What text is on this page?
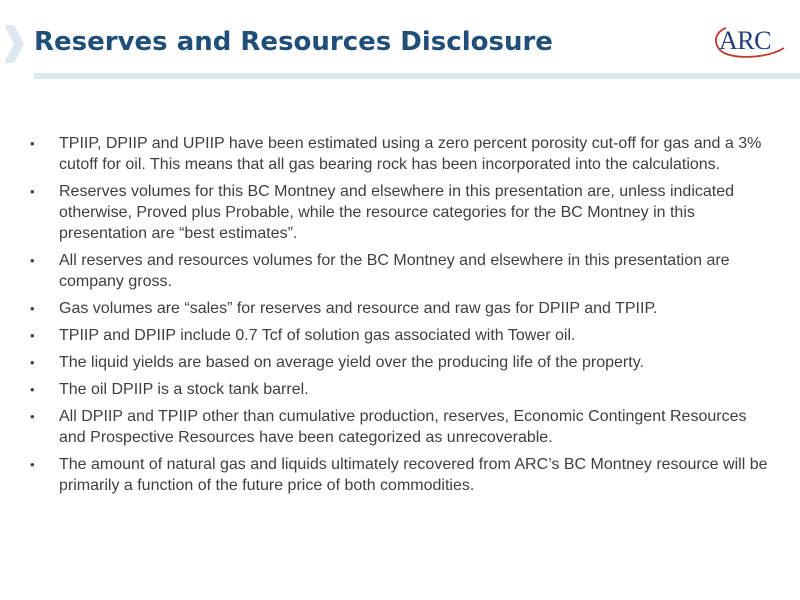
Reserves and Resources Disclosure	ARC
• TPIIP, DPIIP and UPIIP have been estimated using a zero percent porosity cut-off for gas and a 3% cutoff for oil. This means that all gas bearing rock has been incorporated into the calculations.
• Reserves volumes for this BC Montney and elsewhere in this presentation are, unless indicated otherwise, Proved plus Probable, while the resource categories for the BC Montney in this presentation are “best estimates”.
• All reserves and resources volumes for the BC Montney and elsewhere in this presentation are company gross.
• Gas volumes are “sales” for reserves and resource and raw gas for DPIIP and TPIIP.
• TPIIP and DPIIP include 0.7 Tcf of solution gas associated with Tower oil.
• The liquid yields are based on average yield over the producing life of the property.
• The oil DPIIP is a stock tank barrel.
• All DPIIP and TPIIP other than cumulative production, reserves, Economic Contingent Resources and Prospective Resources have been categorized as unrecoverable.
• The amount of natural gas and liquids ultimately recovered from ARC’s BC Montney resource will be primarily a function of the future price of both commodities.
